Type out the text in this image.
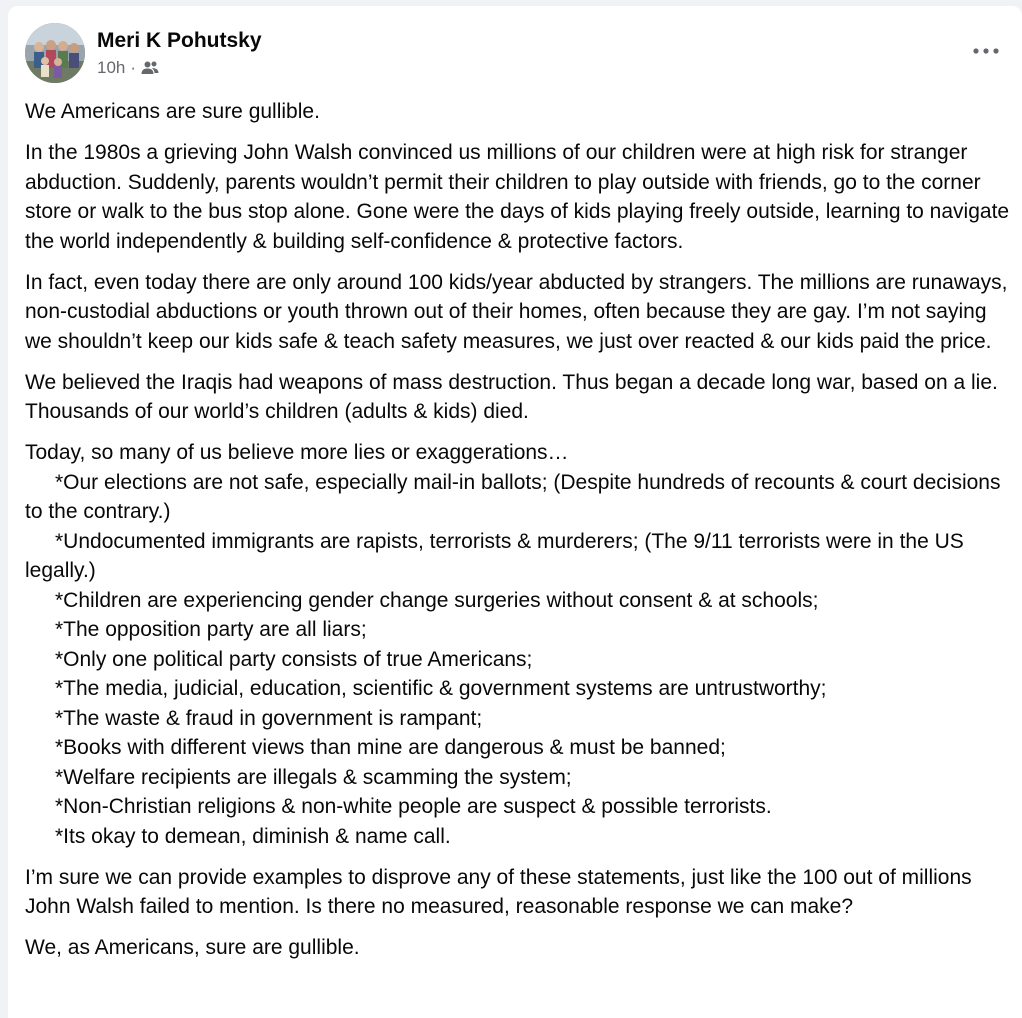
Meri K Pohutsky
10h ·

We Americans are sure gullible.

In the 1980s a grieving John Walsh convinced us millions of our children were at high risk for stranger abduction. Suddenly, parents wouldn’t permit their children to play outside with friends, go to the corner store or walk to the bus stop alone. Gone were the days of kids playing freely outside, learning to navigate the world independently & building self-confidence & protective factors.

In fact, even today there are only around 100 kids/year abducted by strangers. The millions are runaways, non-custodial abductions or youth thrown out of their homes, often because they are gay. I’m not saying we shouldn’t keep our kids safe & teach safety measures, we just over reacted & our kids paid the price.

We believed the Iraqis had weapons of mass destruction. Thus began a decade long war, based on a lie. Thousands of our world’s children (adults & kids) died.

Today, so many of us believe more lies or exaggerations…

*Our elections are not safe, especially mail-in ballots; (Despite hundreds of recounts & court decisions to the contrary.)
*Undocumented immigrants are rapists, terrorists & murderers; (The 9/11 terrorists were in the US legally.)
*Children are experiencing gender change surgeries without consent & at schools;
*The opposition party are all liars;
*Only one political party consists of true Americans;
*The media, judicial, education, scientific & government systems are untrustworthy;
*The waste & fraud in government is rampant;
*Books with different views than mine are dangerous & must be banned;
*Welfare recipients are illegals & scamming the system;
*Non-Christian religions & non-white people are suspect & possible terrorists.
*Its okay to demean, diminish & name call.

I’m sure we can provide examples to disprove any of these statements, just like the 100 out of millions  John Walsh failed to mention. Is there no measured, reasonable response we can make?

We, as Americans, sure are gullible.
